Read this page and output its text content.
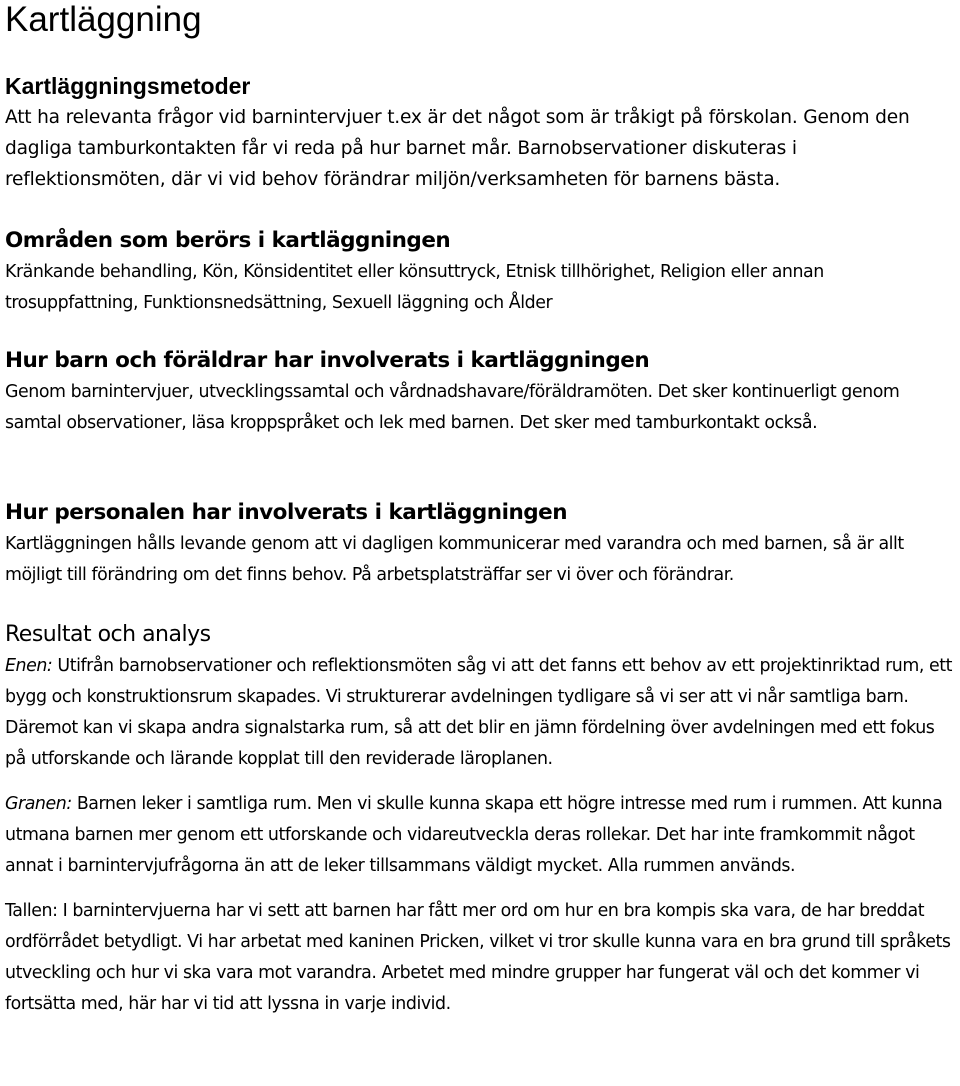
Kartläggning
Kartläggningsmetoder

Att ha relevanta frågor vid barnintervjuer t.ex är det något som är tråkigt på förskolan. Genom den dagliga tamburkontakten får vi reda på hur barnet mår. Barnobservationer diskuteras i reflektionsmöten, där vi vid behov förändrar miljön/verksamheten för barnens bästa.

Områden som berörs i kartläggningen

Kränkande behandling, Kön, Könsidentitet eller könsuttryck, Etnisk tillhörighet, Religion eller annan trosuppfattning, Funktionsnedsättning, Sexuell läggning och Ålder

Hur barn och föräldrar har involverats i kartläggningen

Genom barnintervjuer, utvecklingssamtal och vårdnadshavare/föräldramöten. Det sker kontinuerligt genom samtal observationer, läsa kroppspråket och lek med barnen. Det sker med tamburkontakt också.

Hur personalen har involverats i kartläggningen

Kartläggningen hålls levande genom att vi dagligen kommunicerar med varandra och med barnen, så är allt möjligt till förändring om det finns behov. På arbetsplatsträffar ser vi över och förändrar.

Resultat och analys

Enen: Utifrån barnobservationer och reflektionsmöten såg vi att det fanns ett behov av ett projektinriktad rum, ett bygg och konstruktionsrum skapades. Vi strukturerar avdelningen tydligare så vi ser att vi når samtliga barn. Däremot kan vi skapa andra signalstarka rum, så att det blir en jämn fördelning över avdelningen med ett fokus på utforskande och lärande kopplat till den reviderade läroplanen.

Granen: Barnen leker i samtliga rum. Men vi skulle kunna skapa ett högre intresse med rum i rummen. Att kunna utmana barnen mer genom ett utforskande och vidareutveckla deras rollekar. Det har inte framkommit något annat i barnintervjufrågorna än att de leker tillsammans väldigt mycket. Alla rummen används.

Tallen: I barnintervjuerna har vi sett att barnen har fått mer ord om hur en bra kompis ska vara, de har breddat ordförrådet betydligt. Vi har arbetat med kaninen Pricken, vilket vi tror skulle kunna vara en bra grund till språkets utveckling och hur vi ska vara mot varandra. Arbetet med mindre grupper har fungerat väl och det kommer vi fortsätta med, här har vi tid att lyssna in varje individ.
